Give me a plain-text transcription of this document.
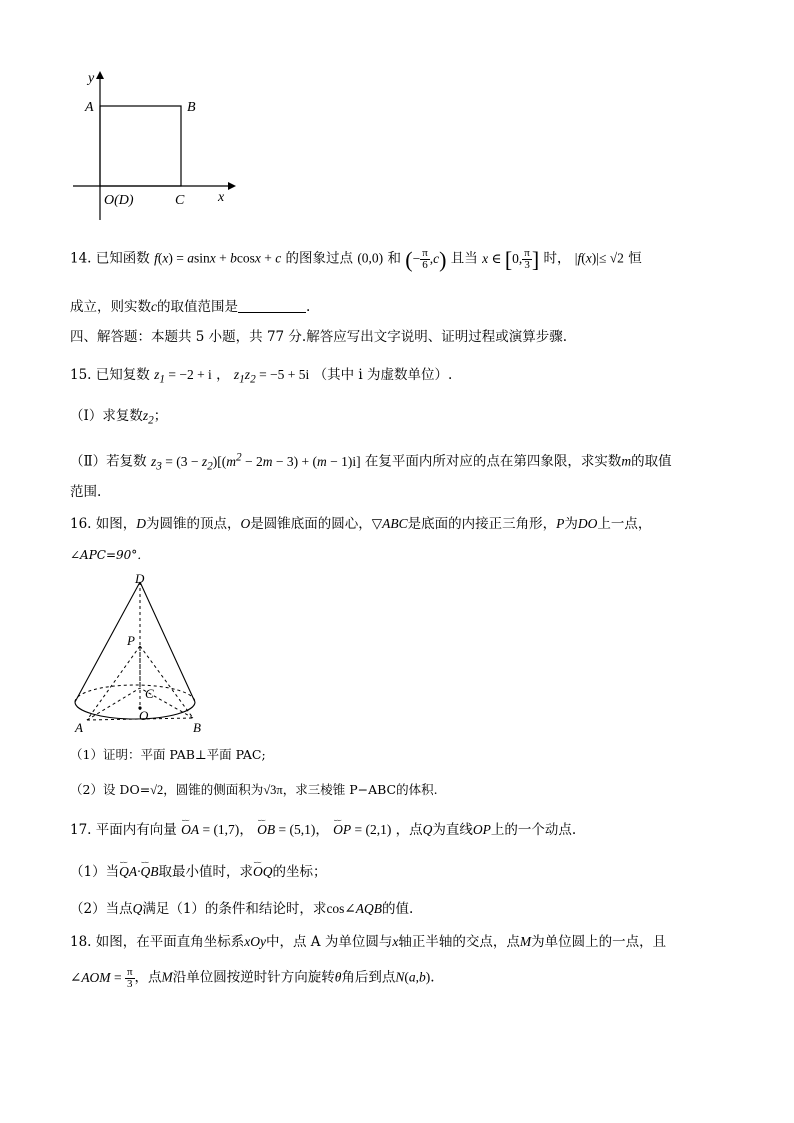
y
x
A	B
C
O(D)
14. 已知函数 f(x) = asinx + bcosx + c 的图象过点 (0,0) 和 (− $\frac{\pi}{6} ,c$) 且当 x ∈ [0, $\frac{\pi}{3}$ ] 时， |f(x)|≤ √2 恒
成立，则实数c的取值范围是	.
四、解答题：本题共 5 小题，共 77 分.解答应写出文字说明、证明过程或演算步骤.
15. 已知复数 $z_1 = -2 + i$ ， $z_1z_2 = -5 + 5i$ （其中 i 为虚数单位）.
（Ⅰ）求复数$z_2$；
（Ⅱ）若复数 $z_3 = (3 - z_2)[(m^2 - 2m - 3) + (m - 1)i]$ 在复平面内所对应的点在第四象限，求实数m的取值
范围.
16. 如图，D为圆锥的顶点，O是圆锥底面的圆心，▽ABC是底面的内接正三角形，P为DO上一点，
∠APC=90°．
D
P
C
O
A	B
（1）证明：平面 PAB⊥平面 PAC;
（2）设 DO=√2，圆锥的侧面积为√3π，求三棱锥 P−ABC的体积.
17. 平面内有向量 ⌣⌣ OA = (1,7)， ⌣⌣ OB = (5,1)， ⌣⌣ OP = (2,1) ，点Q为直线OP上的一个动点.
（1）当⌣⌣ QA·⌣⌣ QB取最小值时，求⌣⌣ OQ的坐标；
（2）当点Q满足（1）的条件和结论时，求cos∠AQB的值.
18. 如图，在平面直角坐标系xOy中，点 A 为单位圆与x轴正半轴的交点，点M为单位圆上的一点，且
∠AOM = $\frac{\pi}{3}$ ，点M沿单位圆按逆时针方向旋转θ角后到点N(a,b).
